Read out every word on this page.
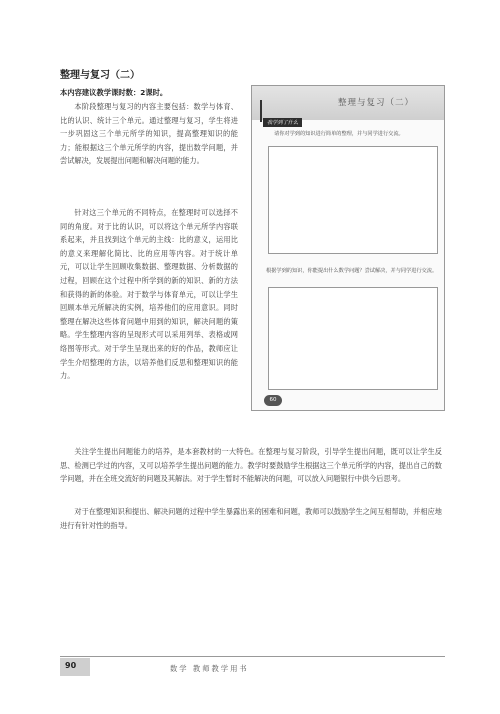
整理与复习（二）
本内容建议教学课时数：2课时。

本阶段整理与复习的内容主要包括：数学与体育、比的认识、统计三个单元。通过整理与复习，学生将进一步巩固这三个单元所学的知识，提高整理知识的能力；能根据这三个单元所学的内容，提出数学问题，并尝试解决，发展提出问题和解决问题的能力。

针对这三个单元的不同特点，在整理时可以选择不同的角度。对于比的认识，可以将这个单元所学内容联系起来，并且找到这个单元的主线：比的意义，运用比的意义来理解化简比、比的应用等内容。对于统计单元，可以让学生回顾收集数据、整理数据、分析数据的过程，回顾在这个过程中所学到的新的知识、新的方法和获得的新的体验。对于数学与体育单元，可以让学生回顾本单元所解决的实例，培养他们的应用意识。同时整理在解决这些体育问题中用到的知识，解决问题的策略。学生整理内容的呈现形式可以采用列举、表格或网络图等形式。对于学生呈现出来的好的作品，教师应让学生介绍整理的方法，以培养他们反思和整理知识的能力。

关注学生提出问题能力的培养，是本套教材的一大特色。在整理与复习阶段，引导学生提出问题，既可以让学生反思、检测已学过的内容，又可以培养学生提出问题的能力。教学时要鼓励学生根据这三个单元所学的内容，提出自己的数学问题，并在全班交流好的问题及其解法。对于学生暂时不能解决的问题，可以放入问题银行中供今后思考。

对于在整理知识和提出、解决问题的过程中学生暴露出来的困难和问题，教师可以鼓励学生之间互相帮助，并相应地进行有针对性的指导。

整理与复习（二）
我学到了什么

请你对学到的知识进行简单的整理，并与同学进行交流。

根据学到的知识，你能提出什么数学问题？尝试解决，并与同学进行交流。

60
90	数学 教师教学用书
